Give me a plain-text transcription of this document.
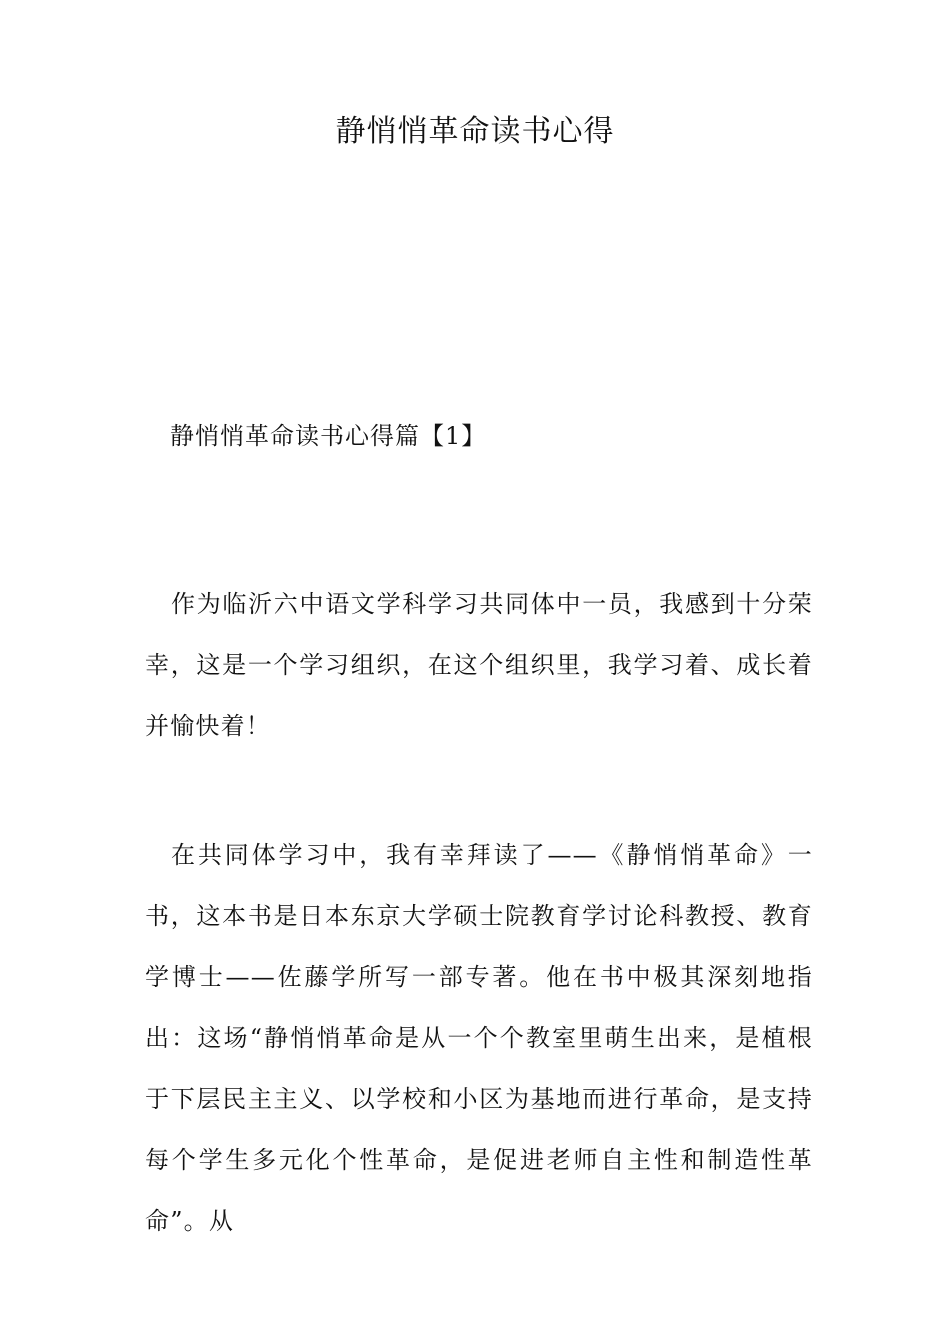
静悄悄革命读书心得
静悄悄革命读书心得篇【1】

作为临沂六中语文学科学习共同体中一员，我感到十分荣幸，这是一个学习组织，在这个组织里，我学习着、成长着并愉快着！

在共同体学习中，我有幸拜读了——《静悄悄革命》一书，这本书是日本东京大学硕士院教育学讨论科教授、教育学博士——佐藤学所写一部专著。他在书中极其深刻地指出：这场“静悄悄革命是从一个个教室里萌生出来，是植根于下层民主主义、以学校和小区为基地而进行革命，是支持每个学生多元化个性革命，是促进老师自主性和制造性革命”。从
